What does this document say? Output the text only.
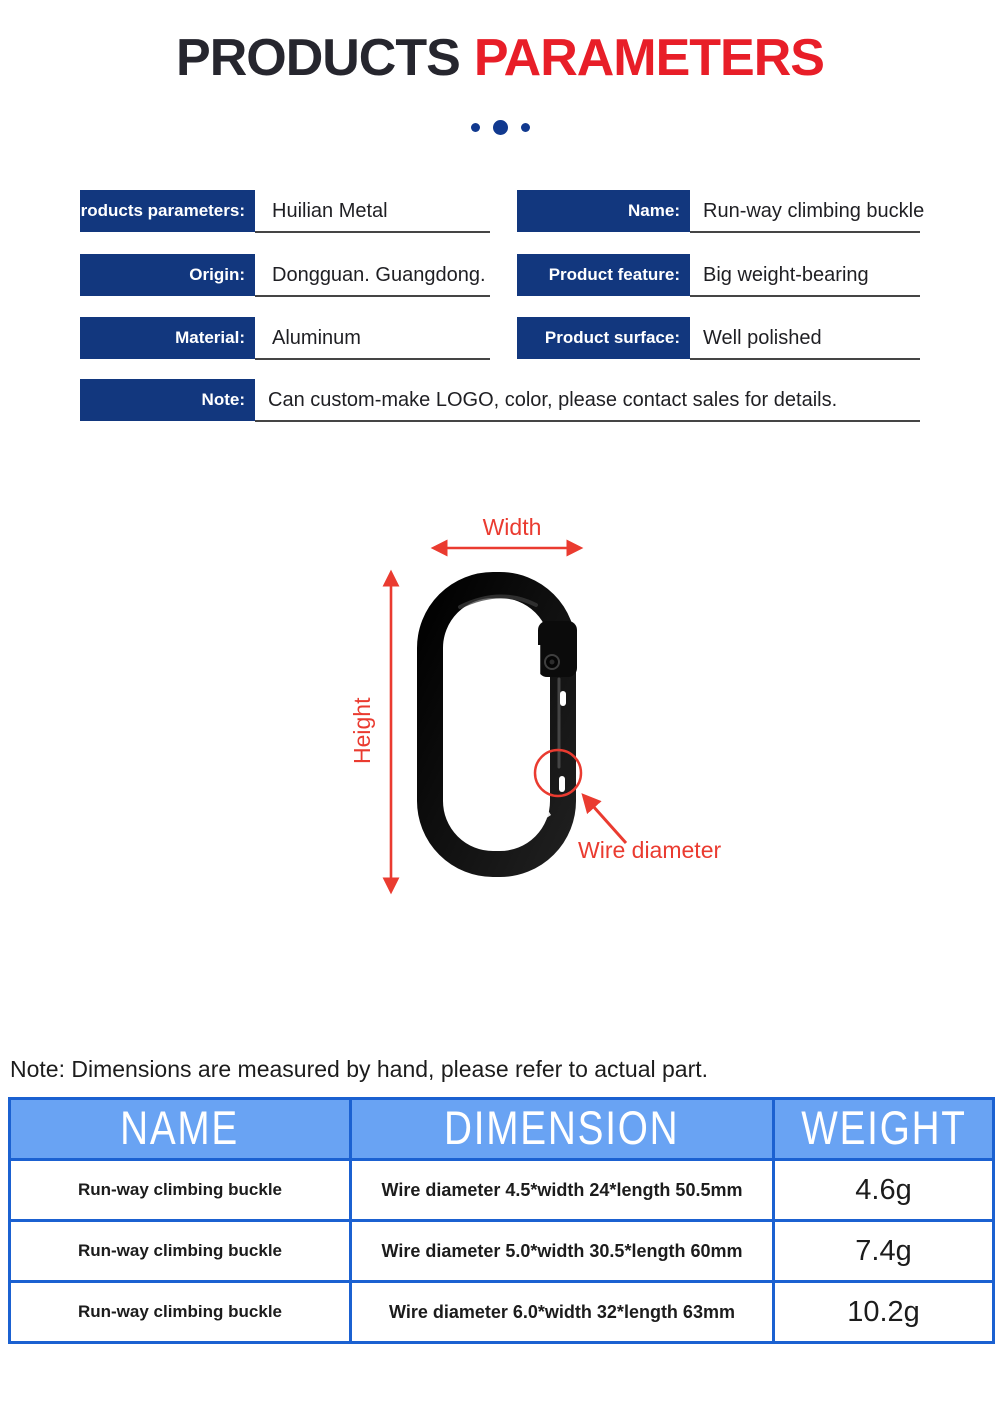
PRODUCTS PARAMETERS
Products parameters:	Huilian Metal
Origin:	Dongguan. Guangdong.
Material:	Aluminum
Name:	Run-way climbing buckle
Product feature:	Big weight-bearing
Product surface:	Well polished
Note:	Can custom-make LOGO, color, please contact sales for details.
Width
Height
Wire diameter
Note: Dimensions are measured by hand, please refer to actual part.
NAME	DIMENSION	WEIGHT
Run-way climbing buckle	Wire diameter 4.5*width 24*length 50.5mm	4.6g
Run-way climbing buckle	Wire diameter 5.0*width 30.5*length 60mm	7.4g
Run-way climbing buckle	Wire diameter 6.0*width 32*length 63mm	10.2g
